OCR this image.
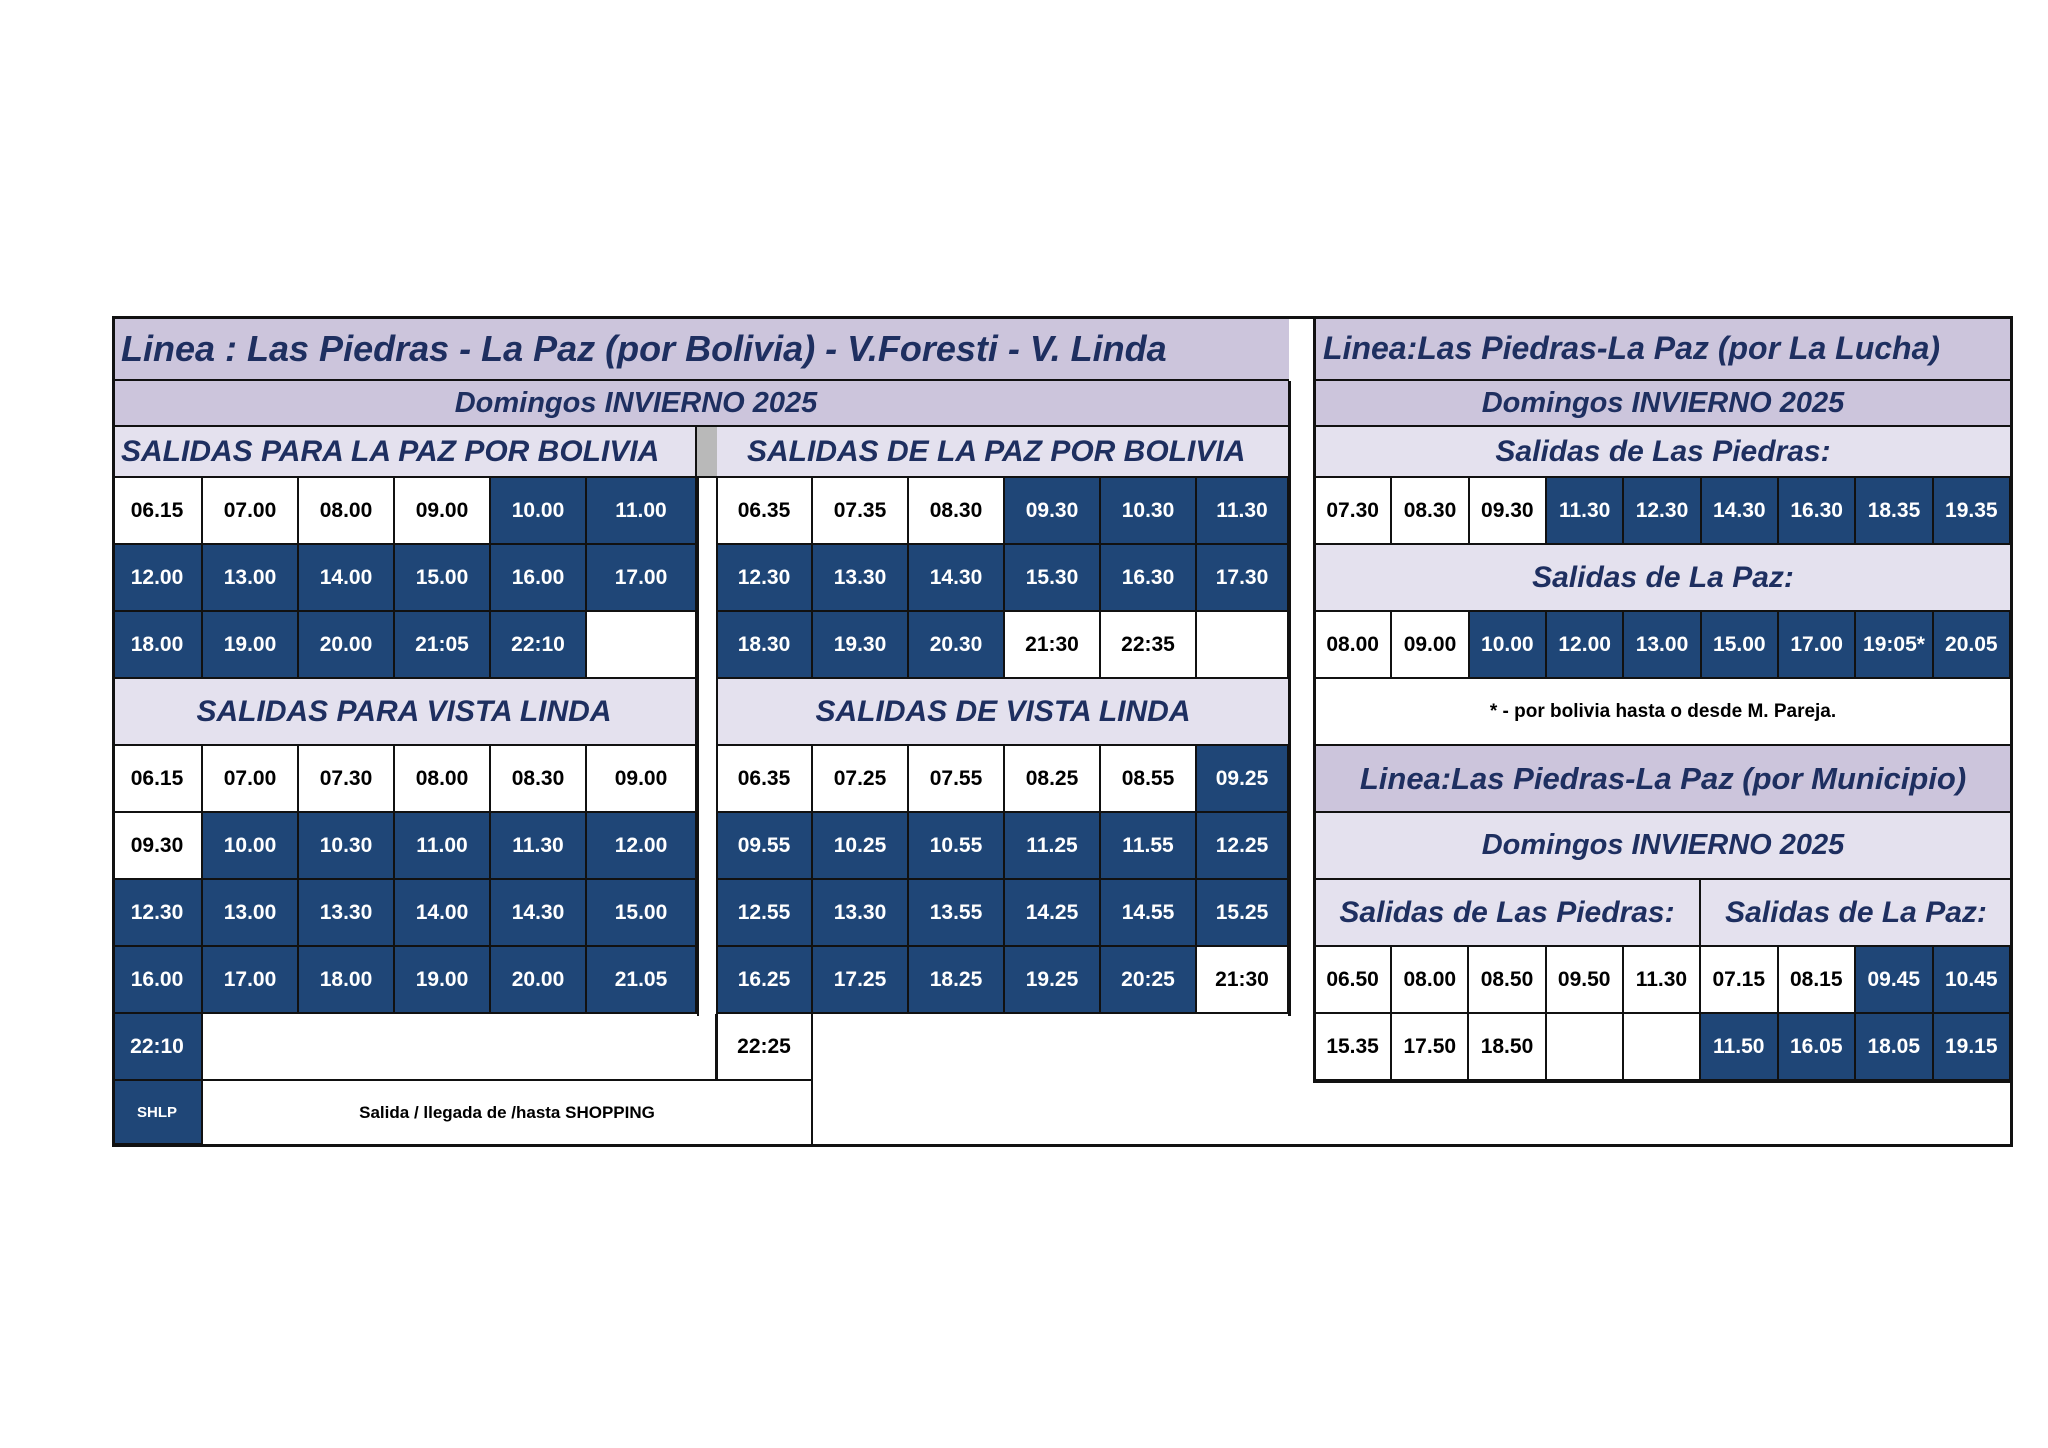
Linea : Las Piedras - La Paz (por Bolivia) - V.Foresti - V. Linda
Domingos INVIERNO 2025
SALIDAS PARA LA PAZ POR BOLIVIA	SALIDAS DE LA PAZ POR BOLIVIA
06.15 07.00 08.00 09.00 10.00 11.00
12.00 13.00 14.00 15.00 16.00 17.00
18.00 19.00 20.00 21:05 22:10
06.35 07.35 08.30 09.30 10.30 11.30
12.30 13.30 14.30 15.30 16.30 17.30
18.30 19.30 20.30 21:30 22:35
SALIDAS PARA VISTA LINDA	SALIDAS DE VISTA LINDA
06.15 07.00 07.30 08.00 08.30 09.00
09.30 10.00 10.30 11.00 11.30 12.00
12.30 13.00 13.30 14.00 14.30 15.00
16.00 17.00 18.00 19.00 20.00 21.05
06.35 07.25 07.55 08.25 08.55 09.25
09.55 10.25 10.55 11.25 11.55 12.25
12.55 13.30 13.55 14.25 14.55 15.25
16.25 17.25 18.25 19.25 20:25 21:30
22:10	22:25
SHLP	Salida / llegada de /hasta SHOPPING
Linea:Las Piedras-La Paz (por La Lucha)
Domingos INVIERNO 2025
Salidas de Las Piedras:
07.30 08.30 09.30 11.30 12.30 14.30 16.30 18.35 19.35
Salidas de La Paz:
08.00 09.00 10.00 12.00 13.00 15.00 17.00 19:05* 20.05
* - por bolivia hasta o desde M. Pareja.
Linea:Las Piedras-La Paz (por Municipio)
Domingos INVIERNO 2025
Salidas de Las Piedras: Salidas de La Paz:
06.50 08.00 08.50 09.50 11.30
15.35 17.50 18.50
07.15 08.15 09.45 10.45
11.50 16.05 18.05 19.15
